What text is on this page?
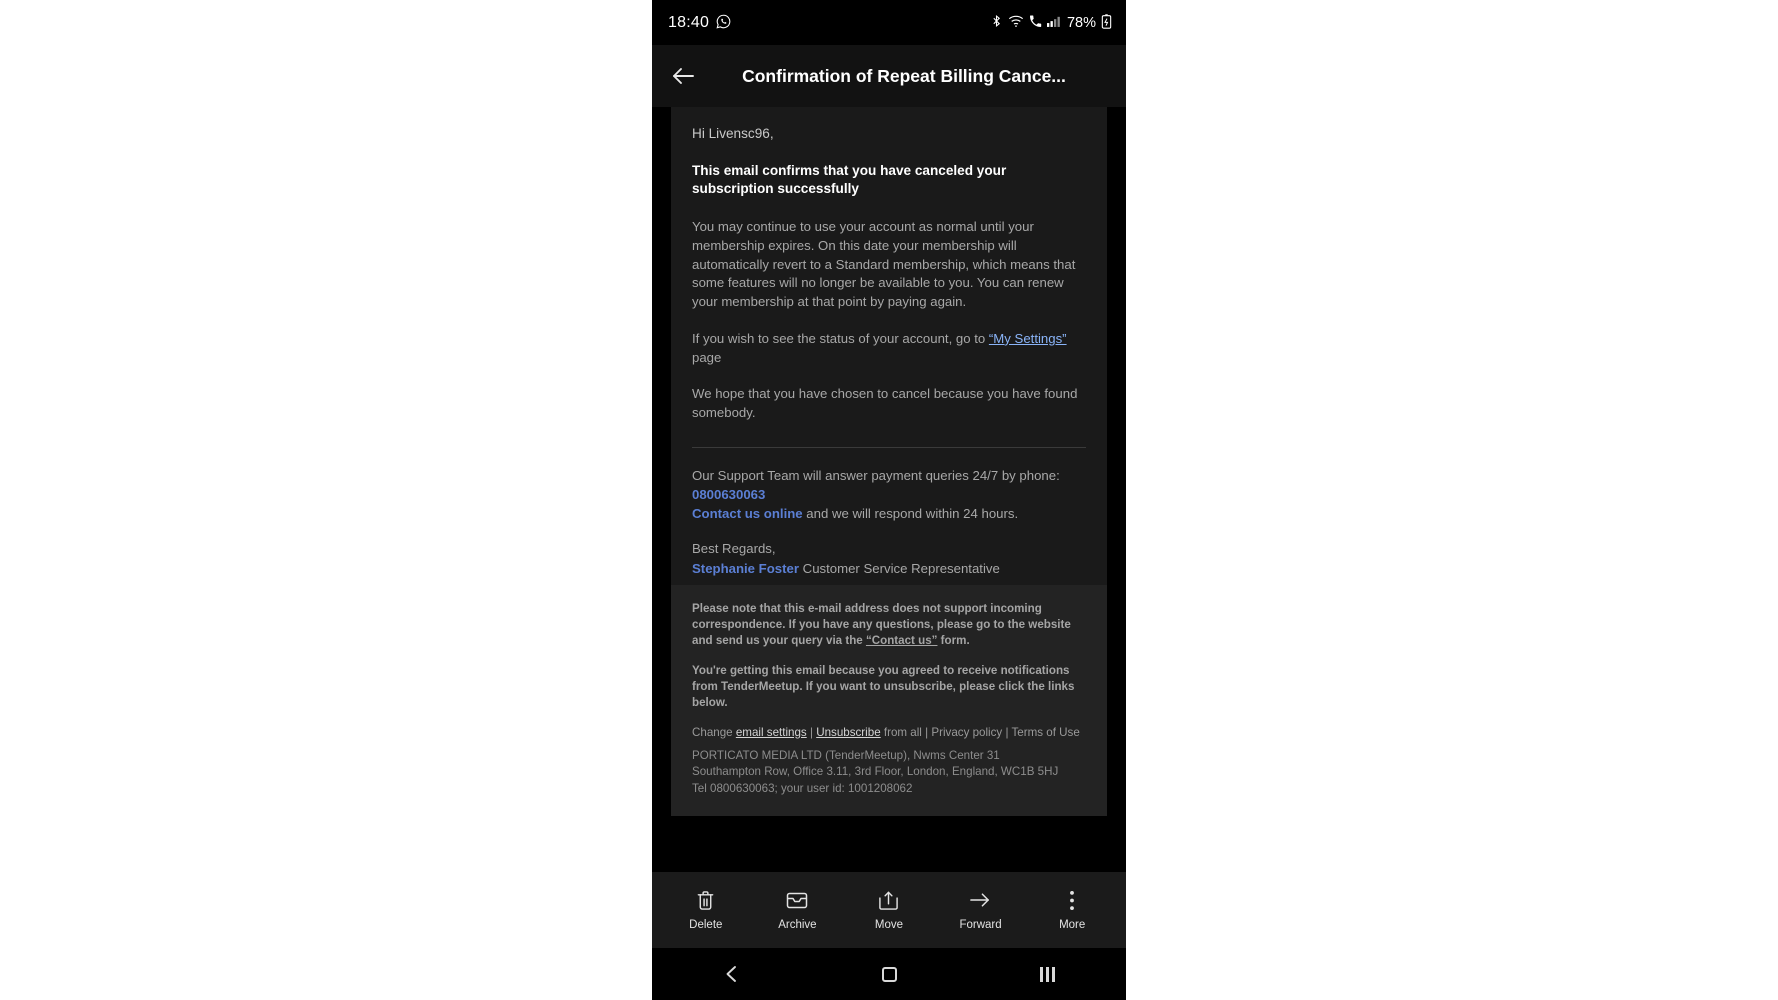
18:40	78%
Confirmation of Repeat Billing Cance...
Hi Livensc96,
This email confirms that you have canceled your subscription successfully
You may continue to use your account as normal until your membership expires. On this date your membership will automatically revert to a Standard membership, which means that some features will no longer be available to you. You can renew your membership at that point by paying again.
If you wish to see the status of your account, go to “My Settings” page
We hope that you have chosen to cancel because you have found somebody.
Our Support Team will answer payment queries 24/7 by phone:
0800630063
Contact us online and we will respond within 24 hours.
Best Regards,
Stephanie Foster Customer Service Representative
Please note that this e-mail address does not support incoming correspondence. If you have any questions, please go to the website and send us your query via the “Contact us” form.
You're getting this email because you agreed to receive notifications from TenderMeetup. If you want to unsubscribe, please click the links below.
Change email settings | Unsubscribe from all | Privacy policy | Terms of Use
PORTICATO MEDIA LTD (TenderMeetup), Nwms Center 31
Southampton Row, Office 3.11, 3rd Floor, London, England, WC1B 5HJ
Tel 0800630063; your user id: 1001208062
Delete	Archive	Move	Forward	More
